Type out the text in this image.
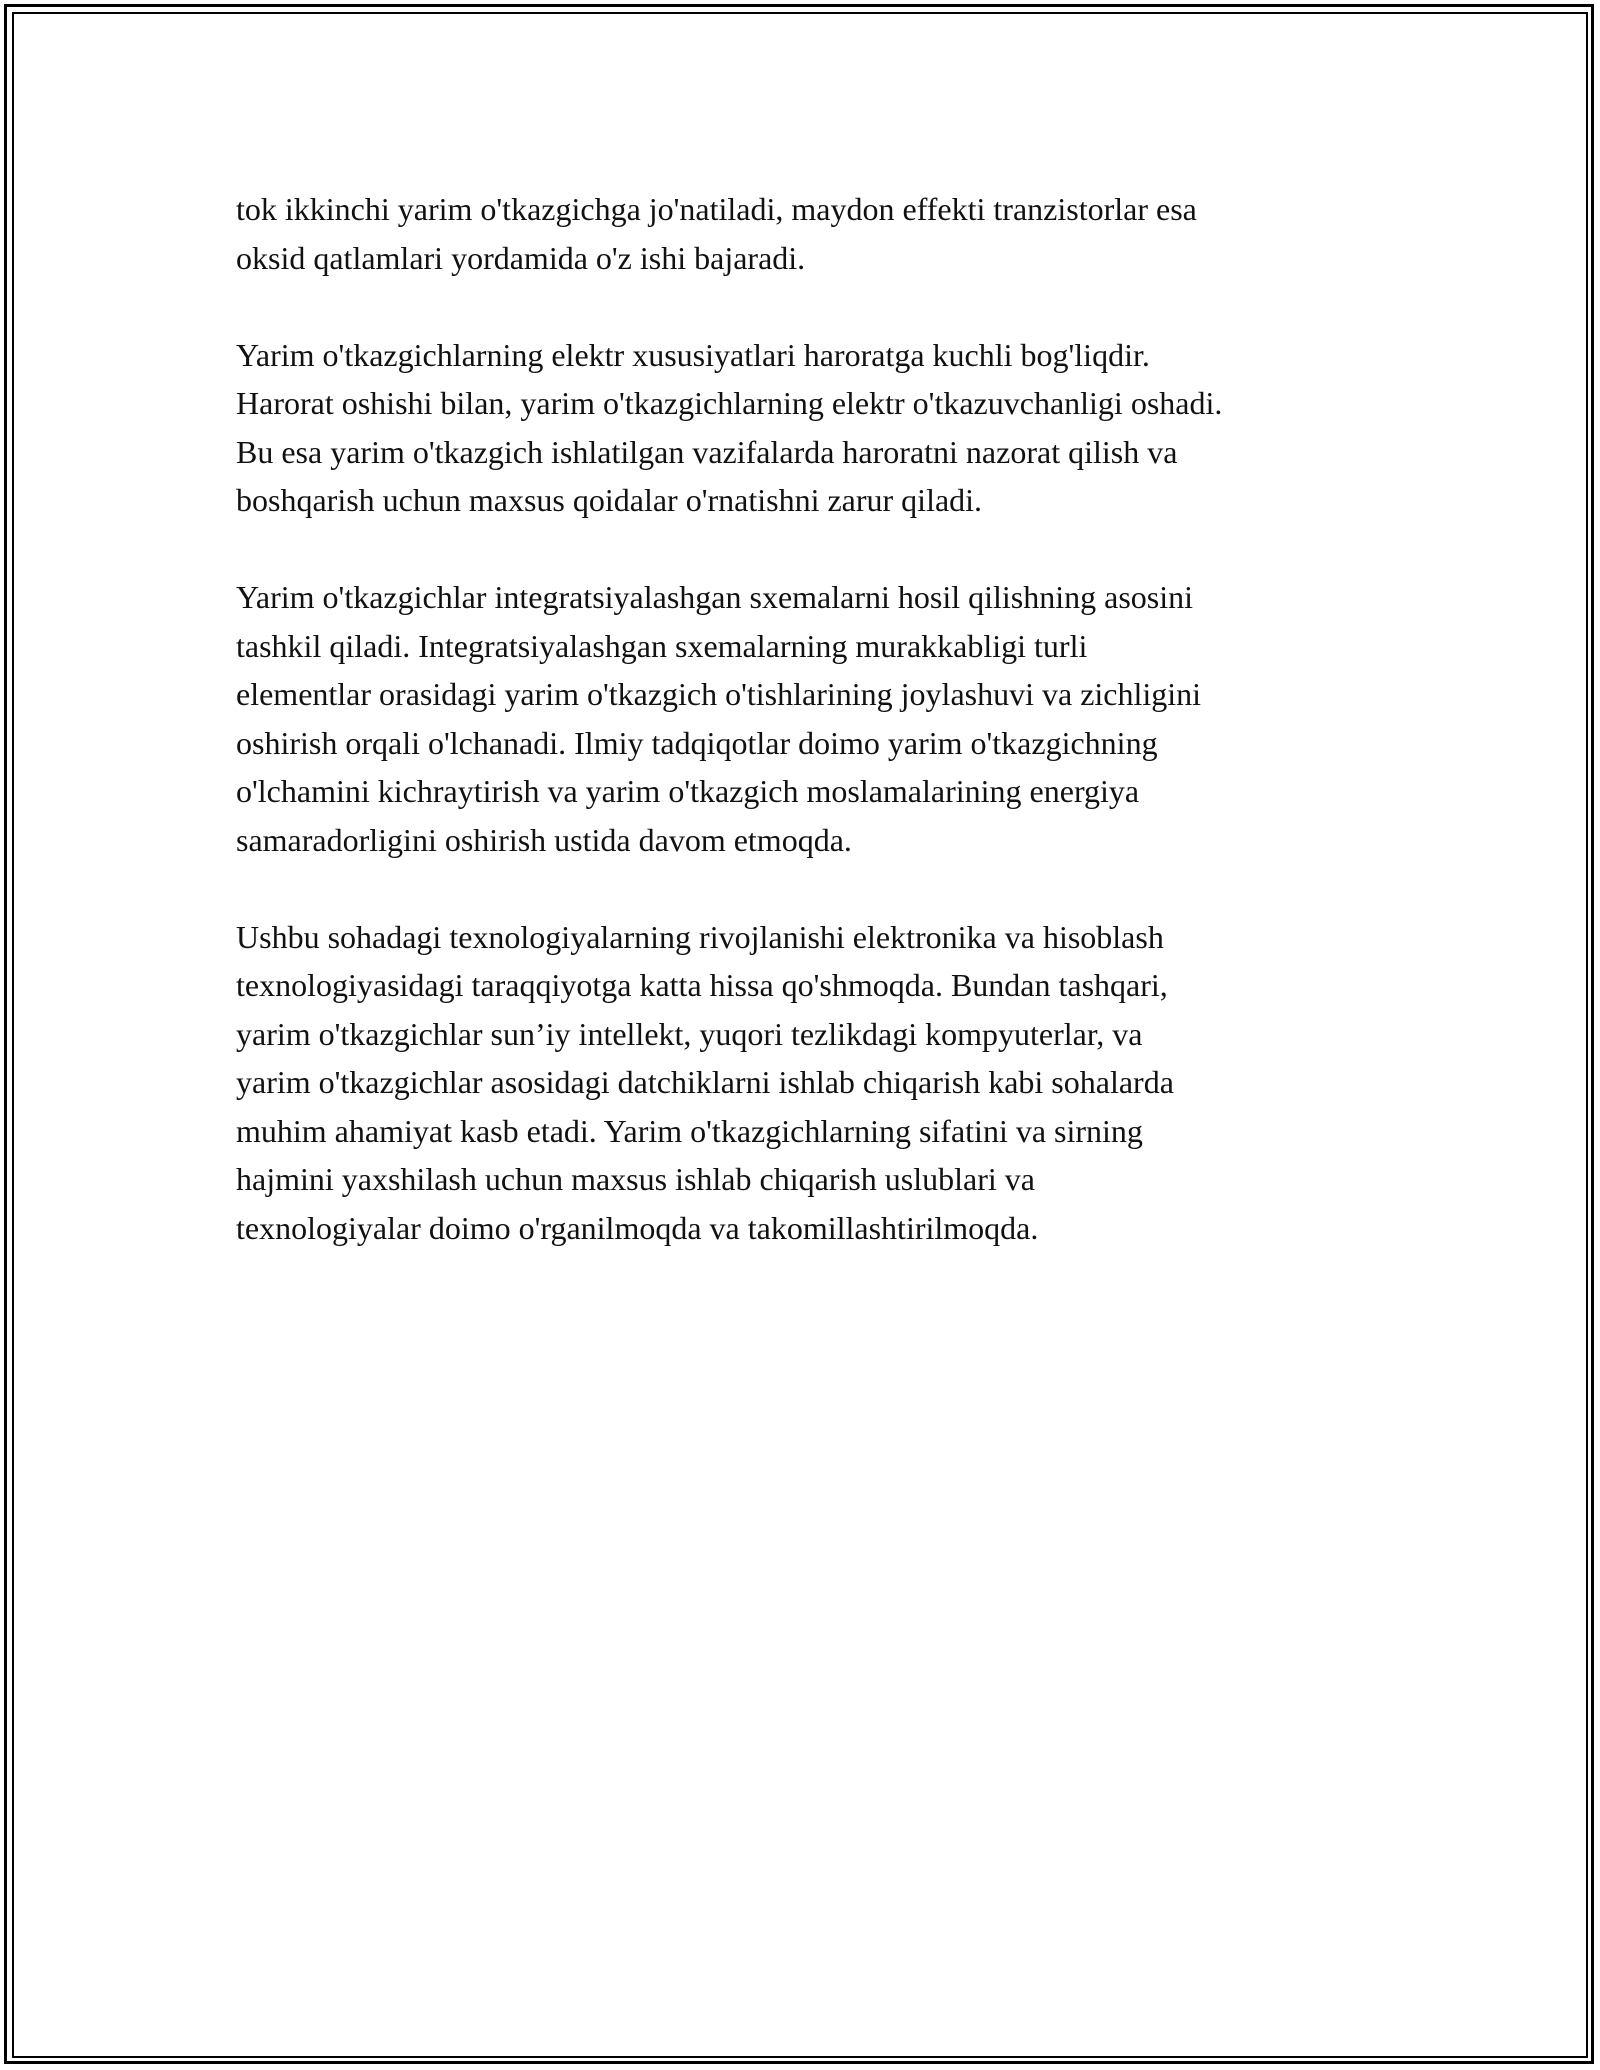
tok ikkinchi yarim o'tkazgichga jo'natiladi, maydon effekti tranzistorlar esa
oksid qatlamlari yordamida o'z ishi bajaradi.

Yarim o'tkazgichlarning elektr xususiyatlari haroratga kuchli bog'liqdir.
Harorat oshishi bilan, yarim o'tkazgichlarning elektr o'tkazuvchanligi oshadi.
Bu esa yarim o'tkazgich ishlatilgan vazifalarda haroratni nazorat qilish va
boshqarish uchun maxsus qoidalar o'rnatishni zarur qiladi.

Yarim o'tkazgichlar integratsiyalashgan sxemalarni hosil qilishning asosini
tashkil qiladi. Integratsiyalashgan sxemalarning murakkabligi turli
elementlar orasidagi yarim o'tkazgich o'tishlarining joylashuvi va zichligini
oshirish orqali o'lchanadi. Ilmiy tadqiqotlar doimo yarim o'tkazgichning
o'lchamini kichraytirish va yarim o'tkazgich moslamalarining energiya
samaradorligini oshirish ustida davom etmoqda.

Ushbu sohadagi texnologiyalarning rivojlanishi elektronika va hisoblash
texnologiyasidagi taraqqiyotga katta hissa qo'shmoqda. Bundan tashqari,
yarim o'tkazgichlar sun’iy intellekt, yuqori tezlikdagi kompyuterlar, va
yarim o'tkazgichlar asosidagi datchiklarni ishlab chiqarish kabi sohalarda
muhim ahamiyat kasb etadi. Yarim o'tkazgichlarning sifatini va sirning
hajmini yaxshilash uchun maxsus ishlab chiqarish uslublari va
texnologiyalar doimo o'rganilmoqda va takomillashtirilmoqda.
